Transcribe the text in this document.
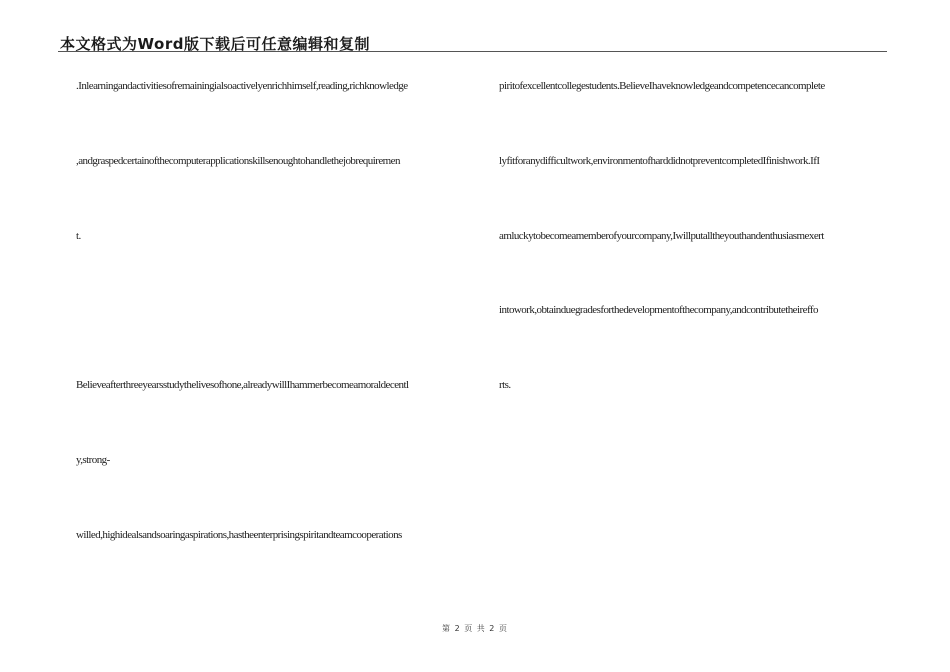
本文格式为Word版下载后可任意编辑和复制
.Inlearningandactivitiesofremainingialsoactivelyenrichhimself,reading,richknowledge
,andgraspedcertainofthecomputerapplicationskillsenoughtohandlethejobrequiremen
t.
Believeafterthreeyearsstudythelivesofhone,alreadywillIhammerbecomeamoraldecentl
y,strong-
willed,highidealsandsoaringaspirations,hastheenterprisingspiritandteamcooperations
piritofexcellentcollegestudents.BelieveIhaveknowledgeandcompetencecancomplete
lyfitforanydifficultwork,environmentofharddidnotpreventcompletedIfinishwork.IfI
amluckytobecomeamemberofyourcompany,Iwillputalltheyouthandenthusiasmexert
intowork,obtainduegradesforthedevelopmentofthecompany,andcontributetheireffo
rts.
第 2 页 共 2 页
